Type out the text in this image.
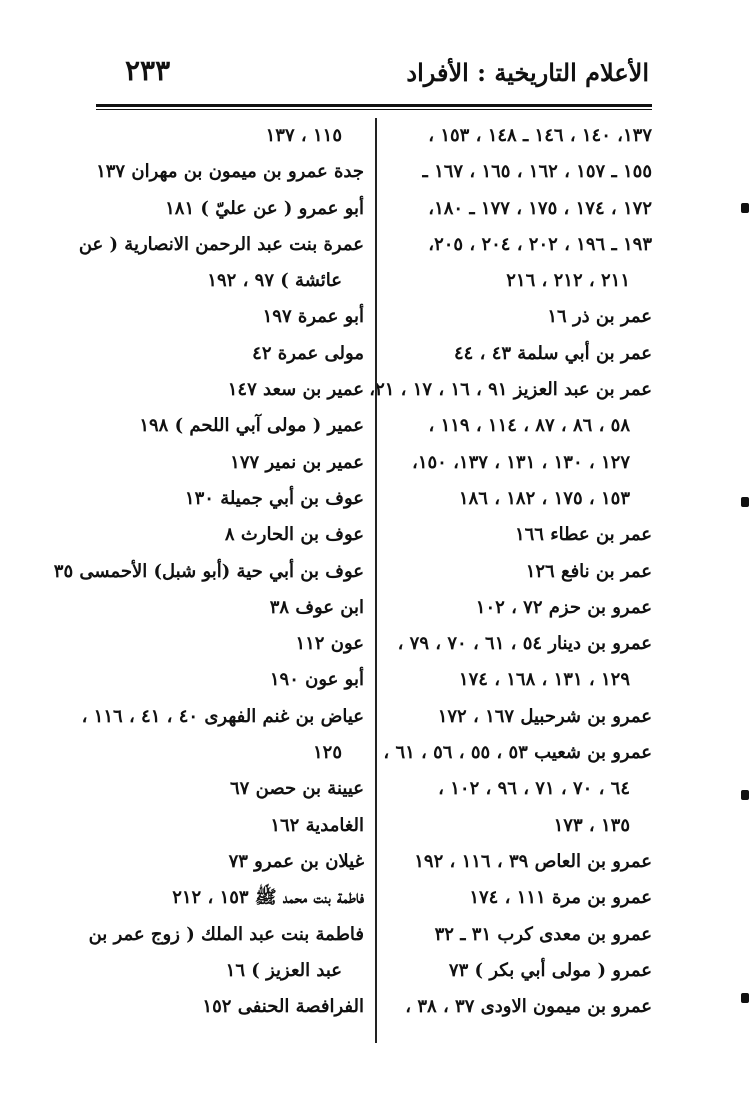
الأعلام التاريخية : الأفراد
٢٣٣
١٣٧، ١٤٠ ، ١٤٦ ـ ١٤٨ ، ١٥٣ ،
١٥٥ ـ ١٥٧ ، ١٦٢ ، ١٦٥ ، ١٦٧ ـ
١٧٢ ، ١٧٤ ، ١٧٥ ، ١٧٧ ـ ١٨٠،
١٩٣ ـ ١٩٦ ، ٢٠٢ ، ٢٠٤ ، ٢٠٥،
٢١١ ، ٢١٢ ، ٢١٦
عمر بن ذر ١٦
عمر بن أبي سلمة ٤٣ ، ٤٤
عمر بن عبد العزيز ٩١ ، ١٦ ، ١٧ ، ٢١،
٥٨ ، ٨٦ ، ٨٧ ، ١١٤ ، ١١٩ ،
١٢٧ ، ١٣٠ ، ١٣١ ، ١٣٧، ١٥٠،
١٥٣ ، ١٧٥ ، ١٨٢ ، ١٨٦
عمر بن عطاء ١٦٦
عمر بن نافع ١٢٦
عمرو بن حزم ٧٢ ، ١٠٢
عمرو بن دينار ٥٤ ، ٦١ ، ٧٠ ، ٧٩ ،
١٢٩ ، ١٣١ ، ١٦٨ ، ١٧٤
عمرو بن شرحبيل ١٦٧ ، ١٧٢
عمرو بن شعيب ٥٣ ، ٥٥ ، ٥٦ ، ٦١ ،
٦٤ ، ٧٠ ، ٧١ ، ٩٦ ، ١٠٢ ،
١٣٥ ، ١٧٣
عمرو بن العاص ٣٩ ، ١١٦ ، ١٩٢
عمرو بن مرة ١١١ ، ١٧٤
عمرو بن معدى كرب ٣١ ـ ٣٢
عمرو ( مولى أبي بكر ) ٧٣
عمرو بن ميمون الاودى ٣٧ ، ٣٨ ،
١١٥ ، ١٣٧
جدة عمرو بن ميمون بن مهران ١٣٧
أبو عمرو ( عن عليّ ) ١٨١
عمرة بنت عبد الرحمن الانصارية ( عن
عائشة ) ٩٧ ، ١٩٢
أبو عمرة ١٩٧
مولى عمرة ٤٢
عمير بن سعد ١٤٧
عمير ( مولى آبي اللحم ) ١٩٨
عمير بن نمير ١٧٧
عوف بن أبي جميلة ١٣٠
عوف بن الحارث ٨
عوف بن أبي حية (أبو شبل) الأحمسى ٣٥
ابن عوف ٣٨
عون ١١٢
أبو عون ١٩٠
عياض بن غنم الفهرى ٤٠ ، ٤١ ، ١١٦ ،
١٢٥
عيينة بن حصن ٦٧
الغامدية ١٦٢
غيلان بن عمرو ٧٣
فاطمة بنت محمد ﷺ ١٥٣ ، ٢١٢
فاطمة بنت عبد الملك ( زوج عمر بن
عبد العزيز ) ١٦
الفرافصة الحنفى ١٥٢
